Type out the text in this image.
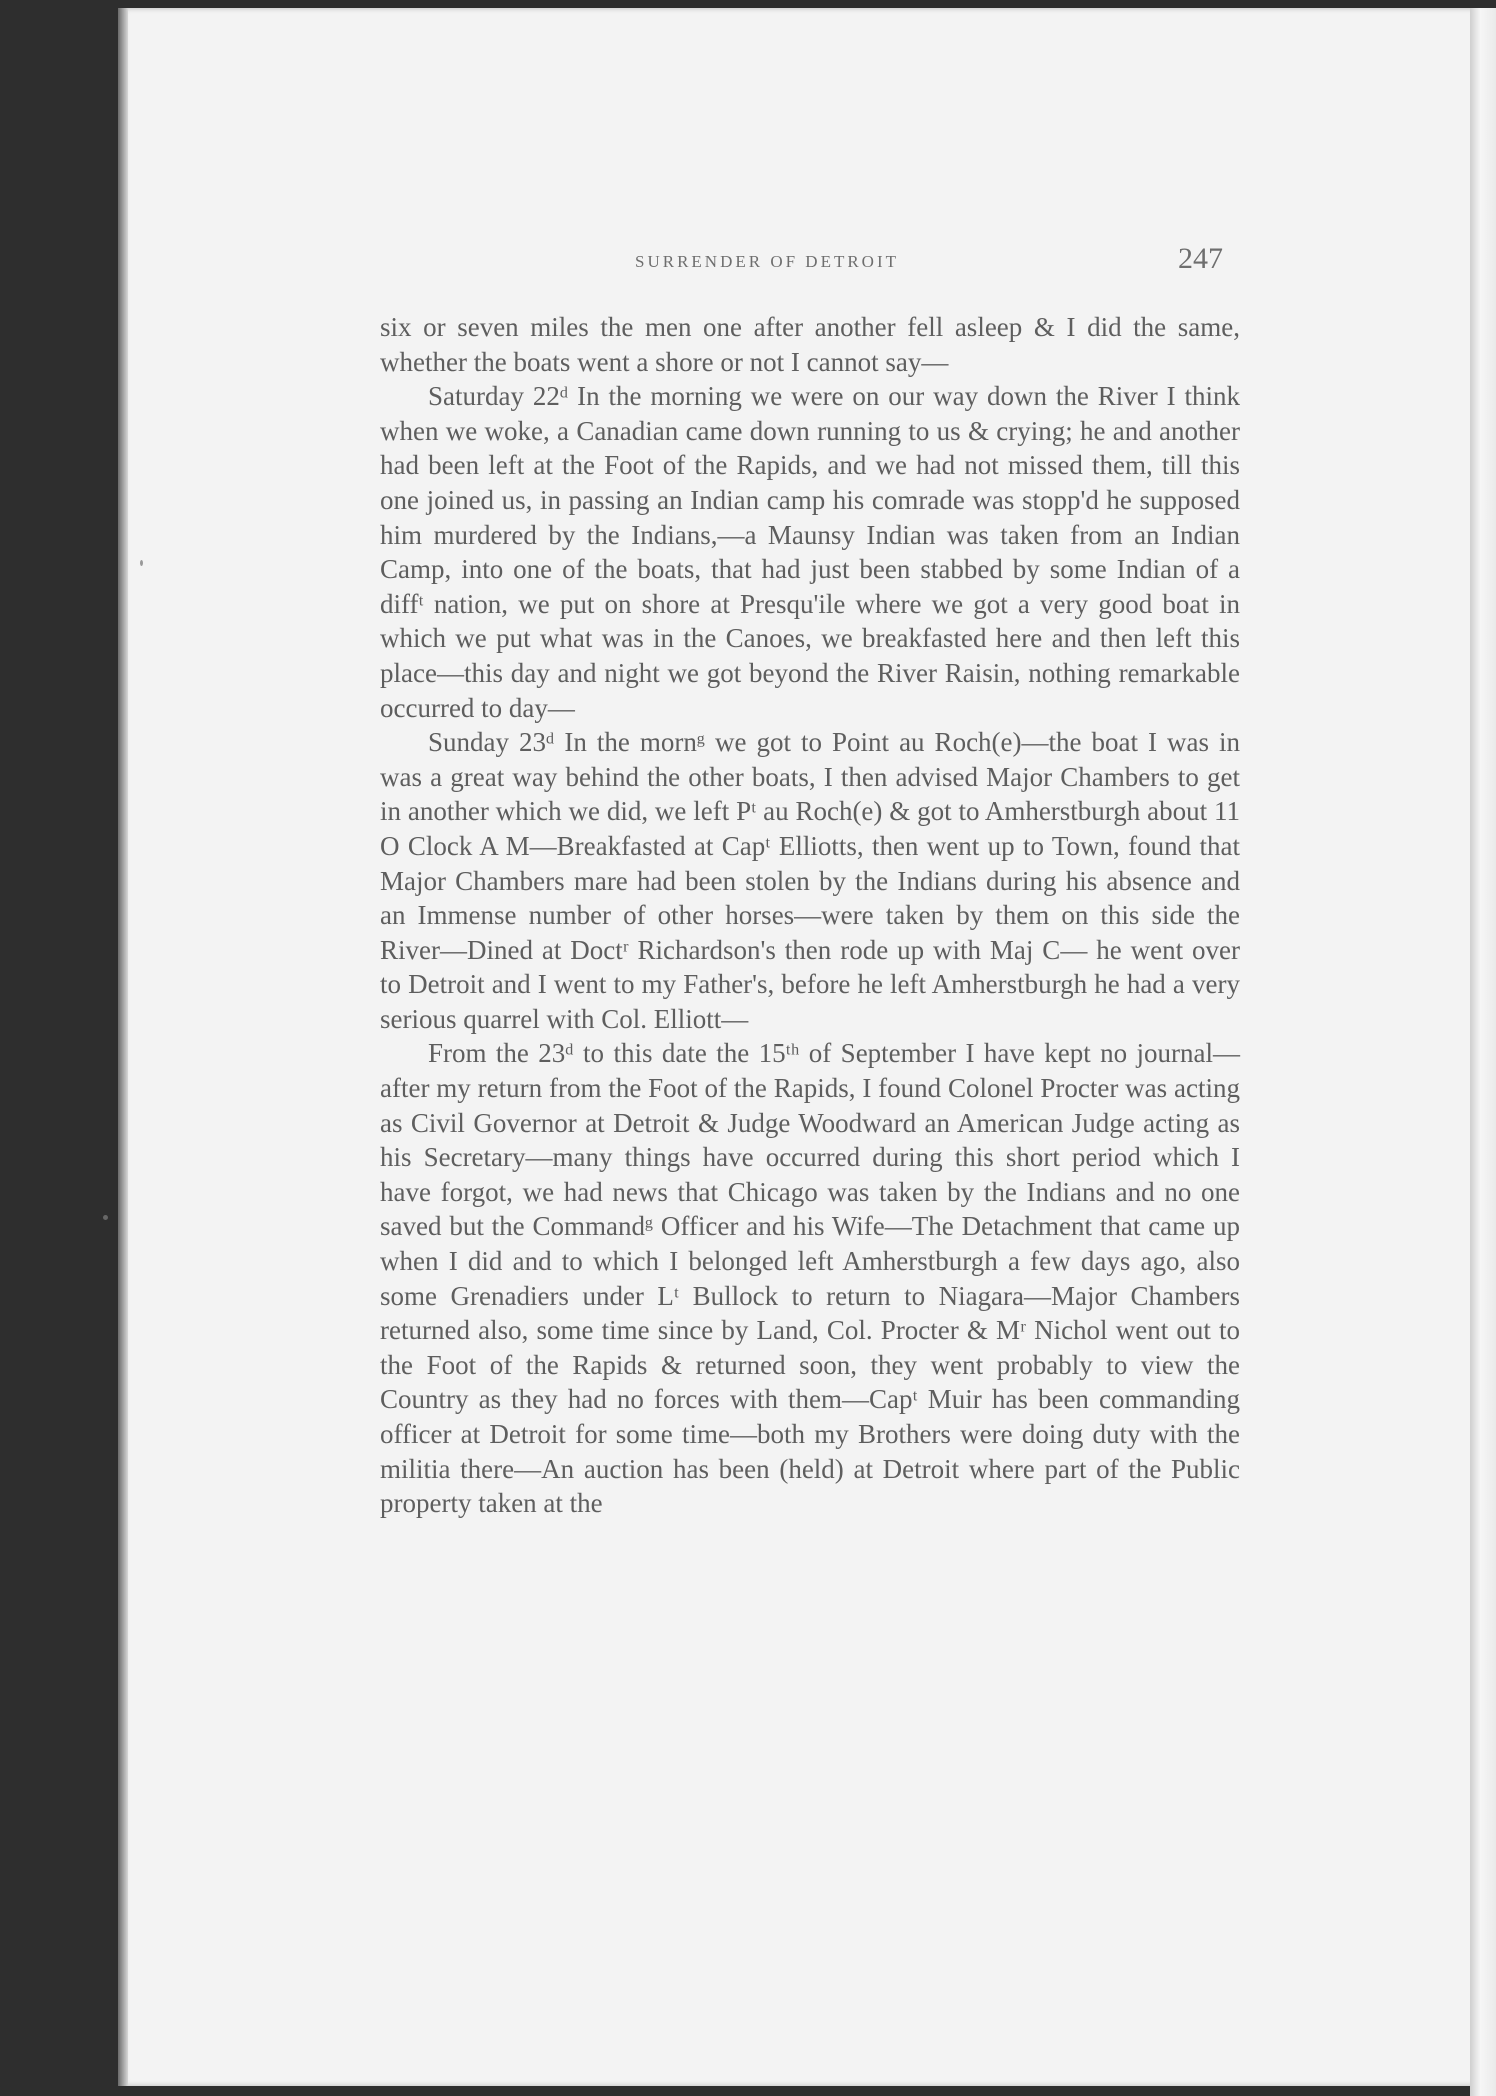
SURRENDER OF DETROIT	247

six or seven miles the men one after another fell asleep & I did the same, whether the boats went a shore or not I cannot say—

Saturday 22ᵈ In the morning we were on our way down the River I think when we woke, a Canadian came down running to us & crying; he and another had been left at the Foot of the Rapids, and we had not missed them, till this one joined us, in passing an Indian camp his comrade was stopp'd he supposed him murdered by the Indians,—a Maunsy Indian was taken from an Indian Camp, into one of the boats, that had just been stabbed by some Indian of a diffᵗ nation, we put on shore at Presqu'ile where we got a very good boat in which we put what was in the Canoes, we breakfasted here and then left this place—this day and night we got beyond the River Raisin, nothing remarkable occurred to day—

Sunday 23ᵈ In the mornᵍ we got to Point au Roch(e)—the boat I was in was a great way behind the other boats, I then advised Major Chambers to get in another which we did, we left Pᵗ au Roch(e) & got to Amherstburgh about 11 O Clock A M—Breakfasted at Capᵗ Elliotts, then went up to Town, found that Major Chambers mare had been stolen by the Indians during his absence and an Immense number of other horses—were taken by them on this side the River—Dined at Doctʳ Richardson's then rode up with Maj C— he went over to Detroit and I went to my Father's, before he left Amherstburgh he had a very serious quarrel with Col. Elliott—

From the 23ᵈ to this date the 15ᵗʰ of September I have kept no journal—after my return from the Foot of the Rapids, I found Colonel Procter was acting as Civil Governor at Detroit & Judge Woodward an American Judge acting as his Secretary—many things have occurred during this short period which I have forgot, we had news that Chicago was taken by the Indians and no one saved but the Commandᵍ Officer and his Wife—The Detachment that came up when I did and to which I belonged left Amherstburgh a few days ago, also some Grenadiers under Lᵗ Bullock to return to Niagara—Major Chambers returned also, some time since by Land, Col. Procter & Mʳ Nichol went out to the Foot of the Rapids & returned soon, they went probably to view the Country as they had no forces with them—Capᵗ Muir has been commanding officer at Detroit for some time—both my Brothers were doing duty with the militia there—An auction has been (held) at Detroit where part of the Public property taken at the
